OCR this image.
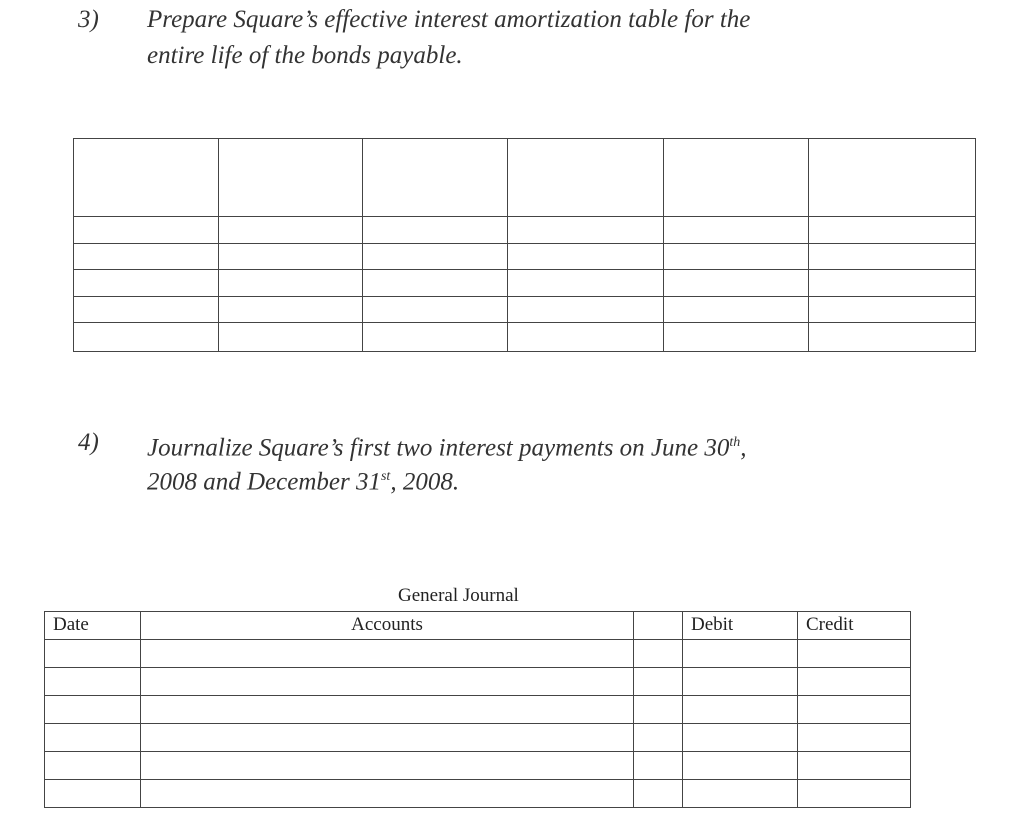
3) Prepare Square’s effective interest amortization table for the
entire life of the bonds payable.

4) Journalize Square’s first two interest payments on June 30th,
2008 and December 31st, 2008.
General Journal
Date	Accounts		Debit	Credit
